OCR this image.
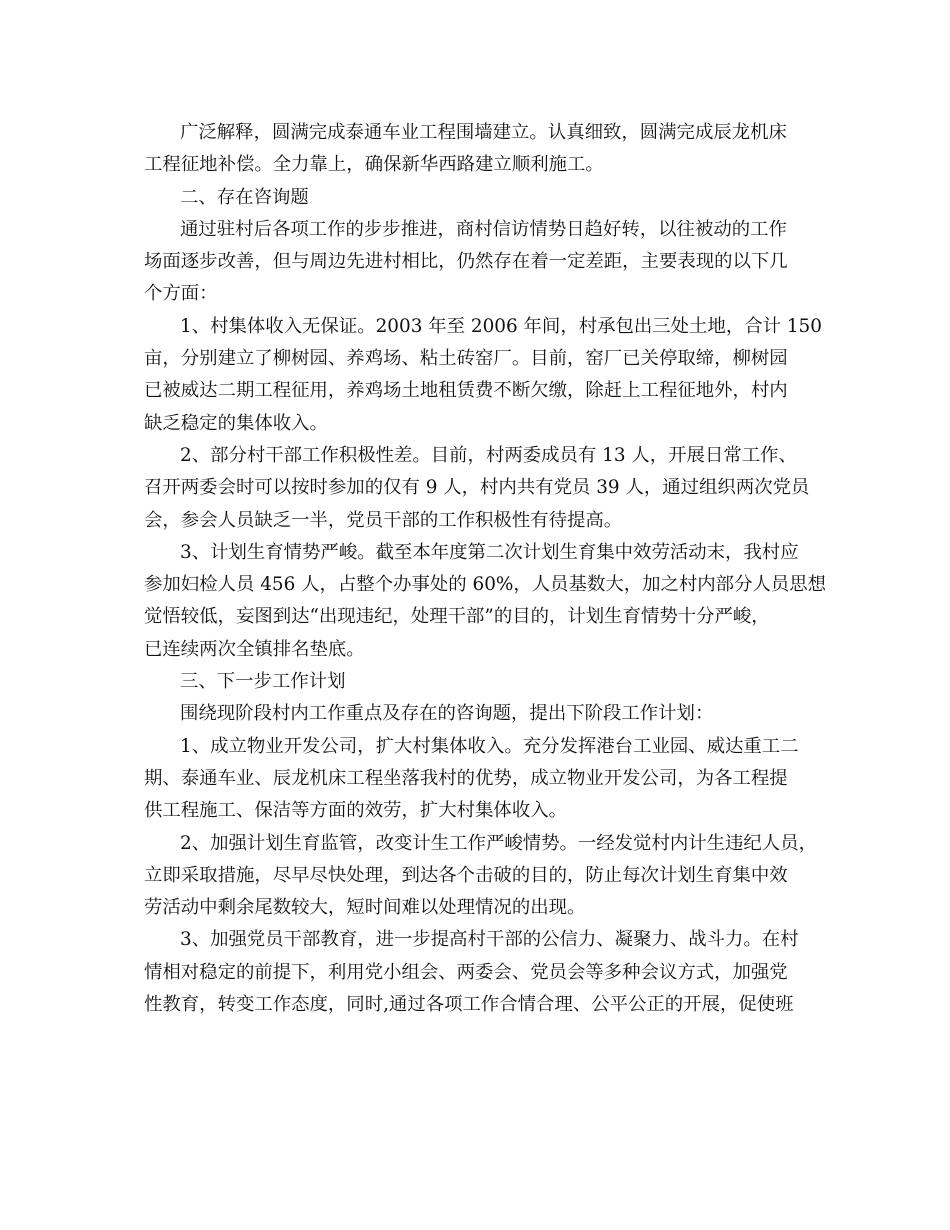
广泛解释，圆满完成泰通车业工程围墙建立。认真细致，圆满完成辰龙机床
工程征地补偿。全力靠上，确保新华西路建立顺利施工。
二、存在咨询题
通过驻村后各项工作的步步推进，商村信访情势日趋好转，以往被动的工作
场面逐步改善，但与周边先进村相比，仍然存在着一定差距，主要表现的以下几
个方面：
1、村集体收入无保证。2003 年至 2006 年间，村承包出三处土地，合计 150
亩，分别建立了柳树园、养鸡场、粘土砖窑厂。目前，窑厂已关停取缔，柳树园
已被威达二期工程征用，养鸡场土地租赁费不断欠缴，除赶上工程征地外，村内
缺乏稳定的集体收入。
2、部分村干部工作积极性差。目前，村两委成员有 13 人，开展日常工作、
召开两委会时可以按时参加的仅有 9 人，村内共有党员 39 人，通过组织两次党员
会，参会人员缺乏一半，党员干部的工作积极性有待提高。
3、计划生育情势严峻。截至本年度第二次计划生育集中效劳活动末，我村应
参加妇检人员 456 人，占整个办事处的 60%，人员基数大，加之村内部分人员思想
觉悟较低，妄图到达“出现违纪，处理干部”的目的，计划生育情势十分严峻，
已连续两次全镇排名垫底。
三、下一步工作计划
围绕现阶段村内工作重点及存在的咨询题，提出下阶段工作计划：
1、成立物业开发公司，扩大村集体收入。充分发挥港台工业园、威达重工二
期、泰通车业、辰龙机床工程坐落我村的优势，成立物业开发公司，为各工程提
供工程施工、保洁等方面的效劳，扩大村集体收入。
2、加强计划生育监管，改变计生工作严峻情势。一经发觉村内计生违纪人员，
立即采取措施，尽早尽快处理，到达各个击破的目的，防止每次计划生育集中效
劳活动中剩余尾数较大，短时间难以处理情况的出现。
3、加强党员干部教育，进一步提高村干部的公信力、凝聚力、战斗力。在村
情相对稳定的前提下，利用党小组会、两委会、党员会等多种会议方式，加强党
性教育，转变工作态度，同时,通过各项工作合情合理、公平公正的开展，促使班
